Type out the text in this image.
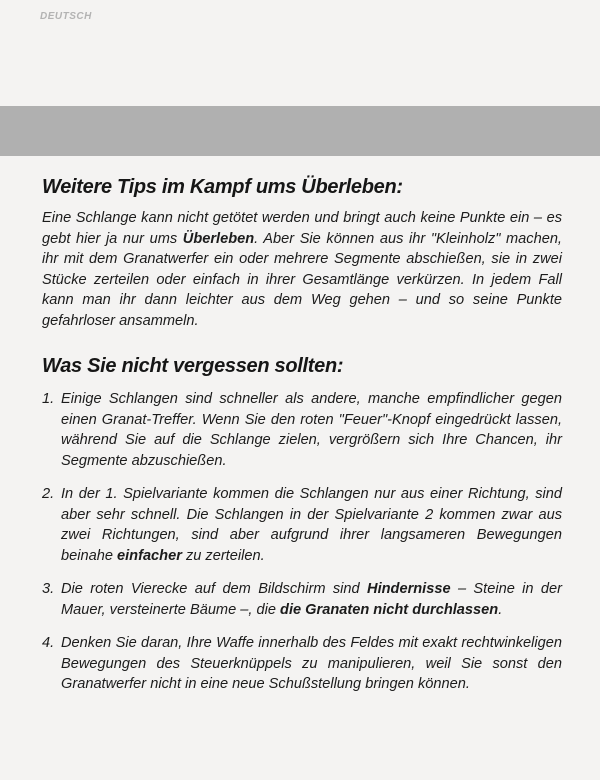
DEUTSCH
Weitere Tips im Kampf ums Überleben:

Eine Schlange kann nicht getötet werden und bringt auch keine Punkte ein – es gebt hier ja nur ums Überleben. Aber Sie können aus ihr "Kleinholz" machen, ihr mit dem Granatwerfer ein oder mehrere Segmente abschießen, sie in zwei Stücke zerteilen oder einfach in ihrer Gesamtlänge verkürzen. In jedem Fall kann man ihr dann leichter aus dem Weg gehen – und so seine Punkte gefahrloser ansammeln.

Was Sie nicht vergessen sollten:
1. Einige Schlangen sind schneller als andere, manche empfindlicher gegen einen Granat-Treffer. Wenn Sie den roten "Feuer"-Knopf eingedrückt lassen, während Sie auf die Schlange zielen, vergrößern sich Ihre Chancen, ihr Segmente abzuschießen.
2. In der 1. Spielvariante kommen die Schlangen nur aus einer Richtung, sind aber sehr schnell. Die Schlangen in der Spielvariante 2 kommen zwar aus zwei Richtungen, sind aber aufgrund ihrer langsameren Bewegungen beinahe einfacher zu zerteilen.
3. Die roten Vierecke auf dem Bildschirm sind Hindernisse – Steine in der Mauer, versteinerte Bäume –, die die Granaten nicht durchlassen.
4. Denken Sie daran, Ihre Waffe innerhalb des Feldes mit exakt rechtwinkeligen Bewegungen des Steuerknüppels zu manipulieren, weil Sie sonst den Granatwerfer nicht in eine neue Schußstellung bringen können.
